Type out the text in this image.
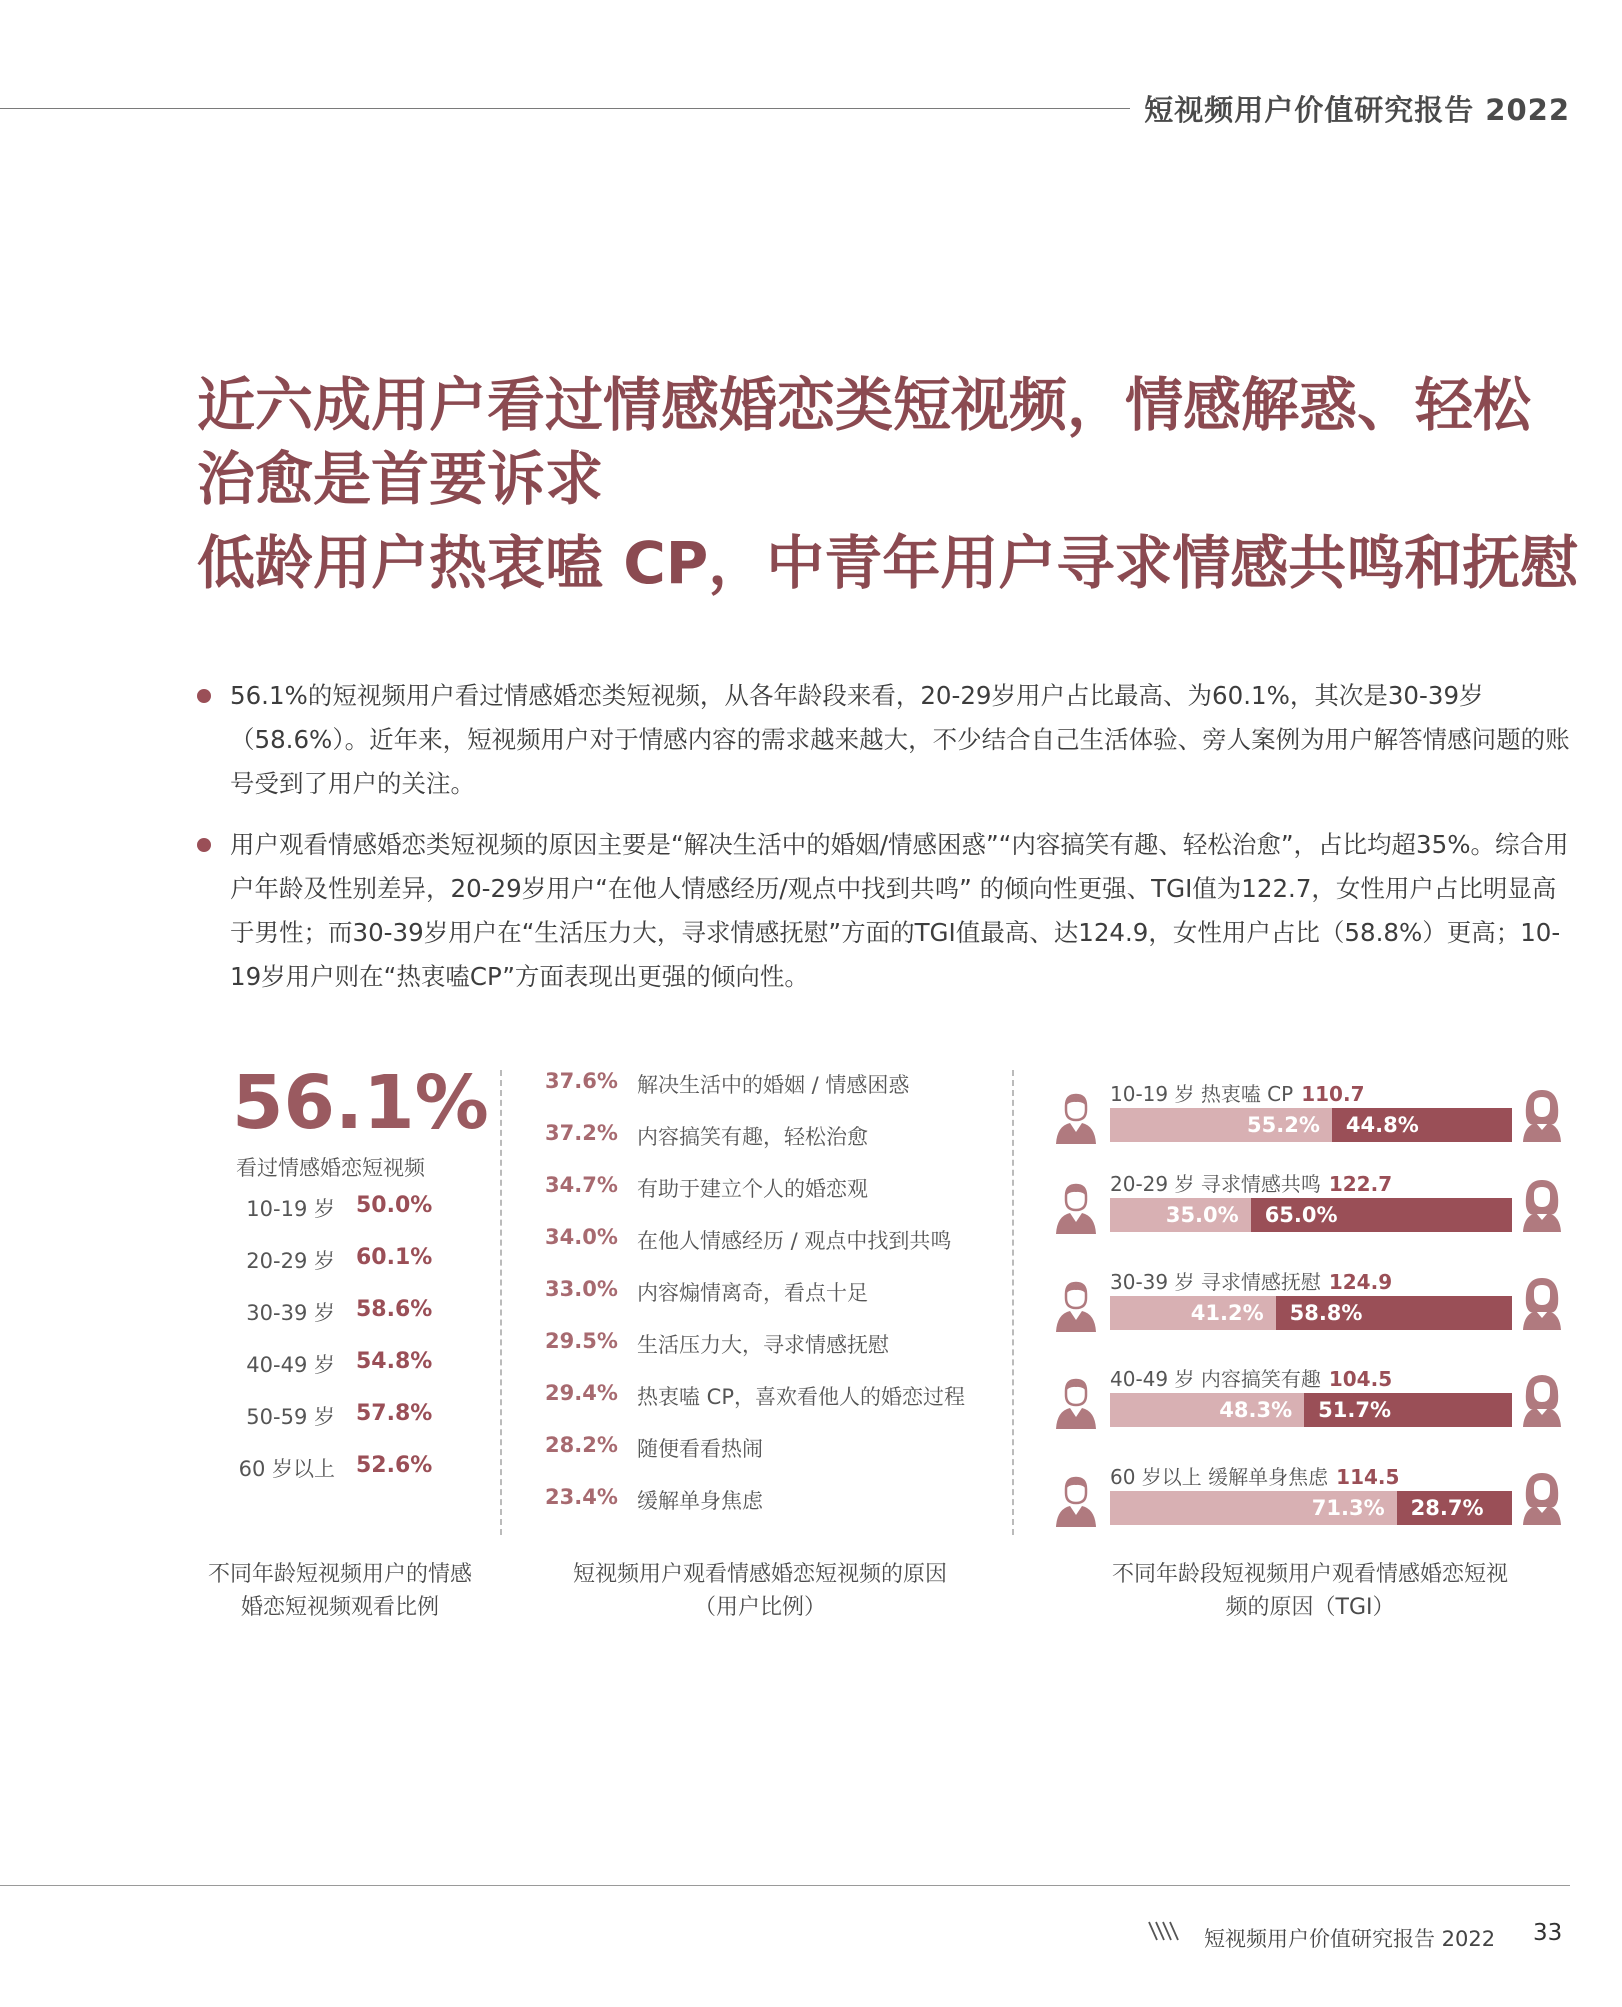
短视频用户价值研究报告 2022
近六成用户看过情感婚恋类短视频，情感解惑、轻松
治愈是首要诉求
低龄用户热衷嗑 CP，中青年用户寻求情感共鸣和抚慰
56.1%的短视频用户看过情感婚恋类短视频，从各年龄段来看，20-29岁用户占比最高、为60.1%，其次是30-39岁（58.6%）。近年来，短视频用户对于情感内容的需求越来越大，不少结合自己生活体验、旁人案例为用户解答情感问题的账号受到了用户的关注。
用户观看情感婚恋类短视频的原因主要是“解决生活中的婚姻/情感困惑”“内容搞笑有趣、轻松治愈”，占比均超35%。综合用户年龄及性别差异，20-29岁用户“在他人情感经历/观点中找到共鸣” 的倾向性更强、TGI值为122.7，女性用户占比明显高于男性；而30-39岁用户在“生活压力大，寻求情感抚慰”方面的TGI值最高、达124.9，女性用户占比（58.8%）更高；10-19岁用户则在“热衷嗑CP”方面表现出更强的倾向性。
56.1%
看过情感婚恋短视频
10-19 岁 50.0%
20-29 岁 60.1%
30-39 岁 58.6%
40-49 岁 54.8%
50-59 岁 57.8%
60 岁以上 52.6%
不同年龄短视频用户的情感
婚恋短视频观看比例
37.6% 解决生活中的婚姻 / 情感困惑
37.2% 内容搞笑有趣，轻松治愈
34.7% 有助于建立个人的婚恋观
34.0% 在他人情感经历 / 观点中找到共鸣
33.0% 内容煽情离奇，看点十足
29.5% 生活压力大，寻求情感抚慰
29.4% 热衷嗑 CP，喜欢看他人的婚恋过程
28.2% 随便看看热闹
23.4% 缓解单身焦虑
短视频用户观看情感婚恋短视频的原因
（用户比例）
10-19 岁 热衷嗑 CP 110.7
55.2%	44.8%
20-29 岁 寻求情感共鸣 122.7
35.0%	65.0%
30-39 岁 寻求情感抚慰 124.9
41.2%	58.8%
40-49 岁 内容搞笑有趣 104.5
48.3%	51.7%
60 岁以上 缓解单身焦虑 114.5
71.3%	28.7%
不同年龄段短视频用户观看情感婚恋短视
频的原因（TGI）
短视频用户价值研究报告 2022 33
